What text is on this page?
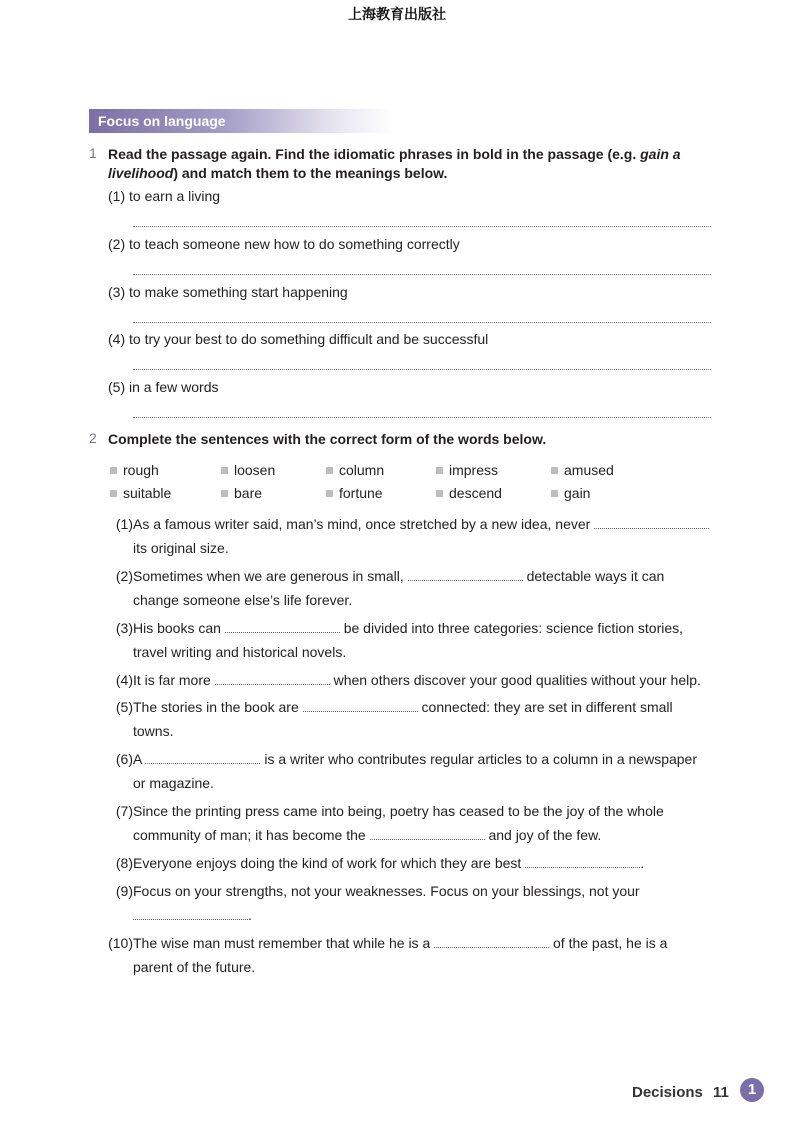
上海教育出版社
Focus on language
1 Read the passage again. Find the idiomatic phrases in bold in the passage (e.g. gain a livelihood) and match them to the meanings below.
(1) to earn a living
(2) to teach someone new how to do something correctly
(3) to make something start happening
(4) to try your best to do something difficult and be successful
(5) in a few words
2 Complete the sentences with the correct form of the words below.
rough	loosen	column	impress	amused
suitable	bare	fortune	descend	gain
(1) As a famous writer said, man’s mind, once stretched by a new idea, never
its original size.
(2) Sometimes when we are generous in small,	detectable ways it can
change someone else’s life forever.
(3) His books can	be divided into three categories: science fiction stories,
travel writing and historical novels.
(4) It is far more	when others discover your good qualities without your help.
(5) The stories in the book are	connected: they are set in different small
towns.
(6) A	is a writer who contributes regular articles to a column in a newspaper
or magazine.
(7) Since the printing press came into being, poetry has ceased to be the joy of the whole
community of man; it has become the	and joy of the few.
(8) Everyone enjoys doing the kind of work for which they are best	.
(9) Focus on your strengths, not your weaknesses. Focus on your blessings, not your
.
(10) The wise man must remember that while he is a	of the past, he is a
parent of the future.
Decisions 11	1
